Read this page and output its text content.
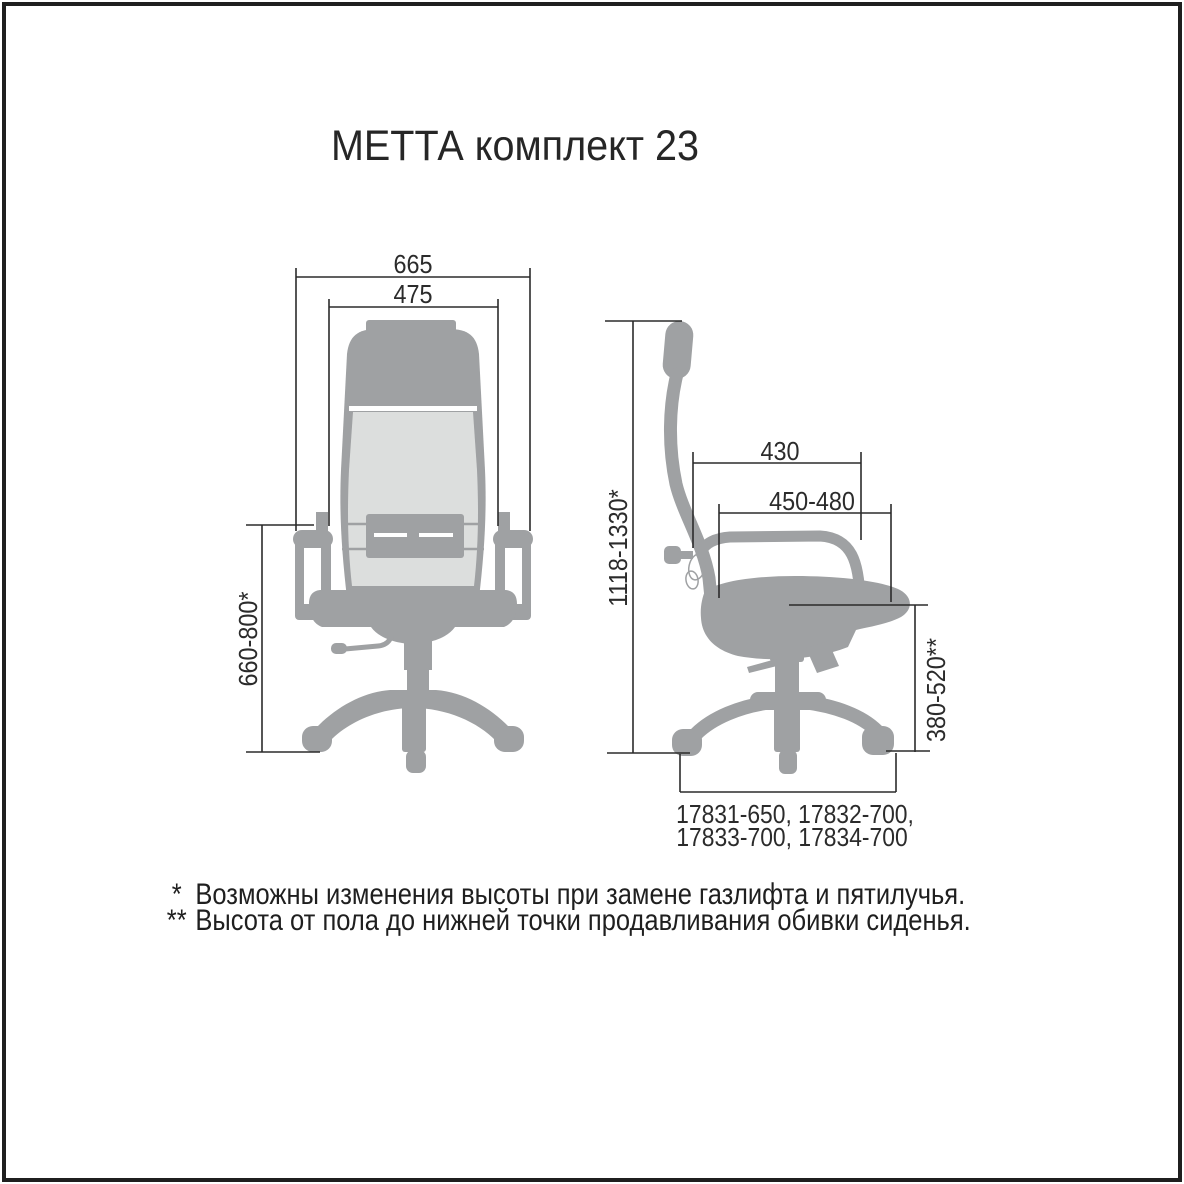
МЕТТА комплект 23
665
475
660-800*
1118-1330*
430
450-480
380-520**
17831-650, 17832-700,
17833-700, 17834-700
* Возможны изменения высоты при замене газлифта и пятилучья.
** Высота от пола до нижней точки продавливания обивки сиденья.
